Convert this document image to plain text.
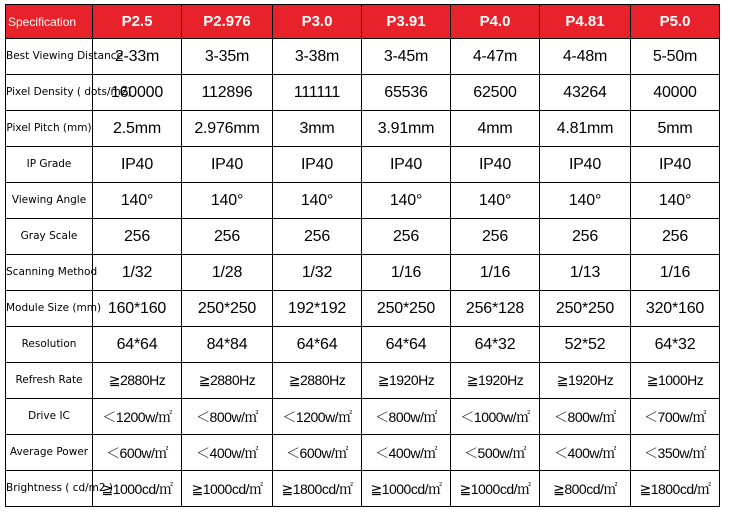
Specification	P2.5	P2.976	P3.0	P3.91	P4.0	P4.81	P5.0
Best Viewing Distance	2-33m	3-35m	3-38m	3-45m	4-47m	4-48m	5-50m
Pixel Density ( dots/m2)	160000	112896	111111	65536	62500	43264	40000
Pixel Pitch (mm)	2.5mm	2.976mm	3mm	3.91mm	4mm	4.81mm	5mm
IP Grade	IP40	IP40	IP40	IP40	IP40	IP40	IP40
Viewing Angle	140°	140°	140°	140°	140°	140°	140°
Gray Scale	256	256	256	256	256	256	256
Scanning Method	1/32	1/28	1/32	1/16	1/16	1/13	1/16
Module Size (mm)	160*160	250*250	192*192	250*250	256*128	250*250	320*160
Resolution	64*64	84*84	64*64	64*64	64*32	52*52	64*32
Refresh Rate	≧2880Hz	≧2880Hz	≧2880Hz	≧1920Hz	≧1920Hz	≧1920Hz	≧1000Hz
Drive IC	＜1200w/㎡	＜800w/㎡	＜1200w/㎡	＜800w/㎡	＜1000w/㎡	＜800w/㎡	＜700w/㎡
Average Power	＜600w/㎡	＜400w/㎡	＜600w/㎡	＜400w/㎡	＜500w/㎡	＜400w/㎡	＜350w/㎡
Brightness ( cd/m2 )	≧1000cd/㎡	≧1000cd/㎡	≧1800cd/㎡	≧1000cd/㎡	≧1000cd/㎡	≧800cd/㎡	≧1800cd/㎡
